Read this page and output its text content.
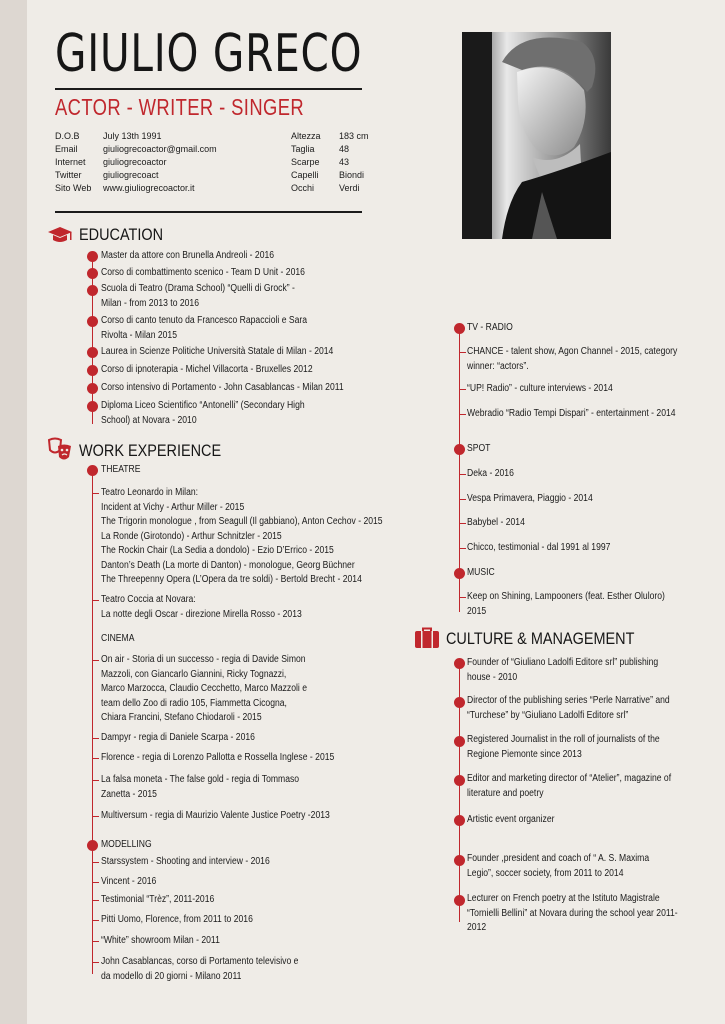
GIULIO GRECO
ACTOR - WRITER - SINGER
D.O.B
Email
Internet
Twitter
Sito Web
July 13th 1991
giuliogrecoactor@gmail.com
giuliogrecoactor
giuliogrecoact
www.giuliogrecoactor.it
Altezza
Taglia
Scarpe
Capelli
Occhi
183 cm
48
43
Biondi
Verdi
EDUCATION
Master da attore con Brunella Andreoli - 2016
Corso di combattimento scenico - Team D Unit - 2016
Scuola di Teatro (Drama School) “Quelli di Grock” - Milan - from 2013 to 2016
Corso di canto tenuto da Francesco Rapaccioli e Sara Rivolta - Milan 2015
Laurea in Scienze Politiche Università Statale di Milan - 2014
Corso di ipnoterapia - Michel Villacorta - Bruxelles 2012
Corso intensivo di Portamento - John Casablancas - Milan 2011
Diploma Liceo Scientifico “Antonelli” (Secondary High School) at Novara - 2010
WORK EXPERIENCE
THEATRE
Teatro Leonardo in Milan:
Incident at Vichy - Arthur Miller - 2015
The Trigorin monologue , from Seagull (Il gabbiano), Anton Cechov - 2015
La Ronde (Girotondo) - Arthur Schnitzler - 2015
The Rockin Chair (La Sedia a dondolo) - Ezio D’Errico - 2015
Danton’s Death (La morte di Danton) - monologue, Georg Büchner
The Threepenny Opera (L’Opera da tre soldi) - Bertold Brecht - 2014
Teatro Coccia at Novara:
La notte degli Oscar - direzione Mirella Rosso - 2013
CINEMA
On air - Storia di un successo - regia di Davide Simon Mazzoli, con Giancarlo Giannini, Ricky Tognazzi, Marco Marzocca, Claudio Cecchetto, Marco Mazzoli e team dello Zoo di radio 105, Fiammetta Cicogna, Chiara Francini, Stefano Chiodaroli - 2015
Dampyr - regia di Daniele Scarpa - 2016
Florence - regia di Lorenzo Pallotta e Rossella Inglese - 2015
La falsa moneta - The false gold - regia di Tommaso Zanetta - 2015
Multiversum - regia di Maurizio Valente Justice Poetry -2013
MODELLING
Starssystem - Shooting and interview - 2016
Vincent - 2016
Testimonial “Trèz”, 2011-2016
Pitti Uomo, Florence, from 2011 to 2016
“White” showroom Milan - 2011
John Casablancas, corso di Portamento televisivo e da modello di 20 giorni - Milano 2011
TV - RADIO
CHANCE - talent show, Agon Channel - 2015, category winner: “actors”.
“UP! Radio” - culture interviews - 2014
Webradio “Radio Tempi Dispari” - entertainment - 2014
SPOT
Deka - 2016
Vespa Primavera, Piaggio - 2014
Babybel - 2014
Chicco, testimonial - dal 1991 al 1997
MUSIC
Keep on Shining, Lampooners (feat. Esther Oluloro) 2015
CULTURE & MANAGEMENT
Founder of “Giuliano Ladolfi Editore srl” publishing house - 2010
Director of the publishing series “Perle Narrative” and “Turchese” by “Giuliano Ladolfi Editore srl”
Registered Journalist in the roll of journalists of the Regione Piemonte since 2013
Editor and marketing director of “Atelier”, magazine of literature and poetry
Artistic event organizer
Founder ,president and coach of “ A. S. Maxima Legio”, soccer society, from 2011 to 2014
Lecturer on French poetry at the Istituto Magistrale “Tornielli Bellini” at Novara during the school year 2011-2012
